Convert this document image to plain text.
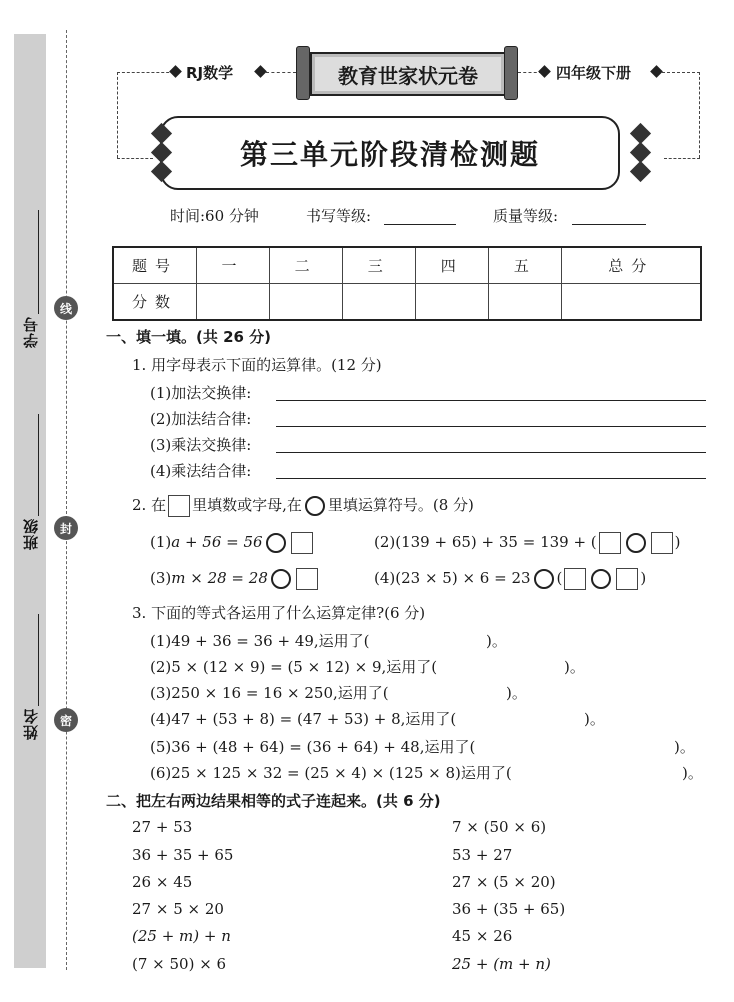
学号
班级
姓名
线
封
密
RJ数学	教育世家状元卷	四年级下册
第三单元阶段清检测题
时间:60 分钟	书写等级:	质量等级:
题号	一	二	三	四	五	总分
分数						
一、填一填。(共 26 分)
1. 用字母表示下面的运算律。(12 分)
(1)加法交换律:
(2)加法结合律:
(3)乘法交换律:
(4)乘法结合律:
2. 在 里填数或字母,在 里填运算符号。(8 分)
(1)a + 56 = 56	(2)(139 + 65) + 35 = 139 + (	)
(3)m × 28 = 28	(4)(23 × 5) × 6 = 23 (	)
3. 下面的等式各运用了什么运算定律?(6 分)
(1)49 + 36 = 36 + 49,运用了(	)。
(2)5 × (12 × 9) = (5 × 12) × 9,运用了(	)。
(3)250 × 16 = 16 × 250,运用了(	)。
(4)47 + (53 + 8) = (47 + 53) + 8,运用了(	)。
(5)36 + (48 + 64) = (36 + 64) + 48,运用了(	)。
(6)25 × 125 × 32 = (25 × 4) × (125 × 8)运用了(	)。
二、把左右两边结果相等的式子连起来。(共 6 分)
27 + 53
36 + 35 + 65
26 × 45
27 × 5 × 20
(25 + m) + n
(7 × 50) × 6
7 × (50 × 6)
53 + 27
27 × (5 × 20)
36 + (35 + 65)
45 × 26
25 + (m + n)
